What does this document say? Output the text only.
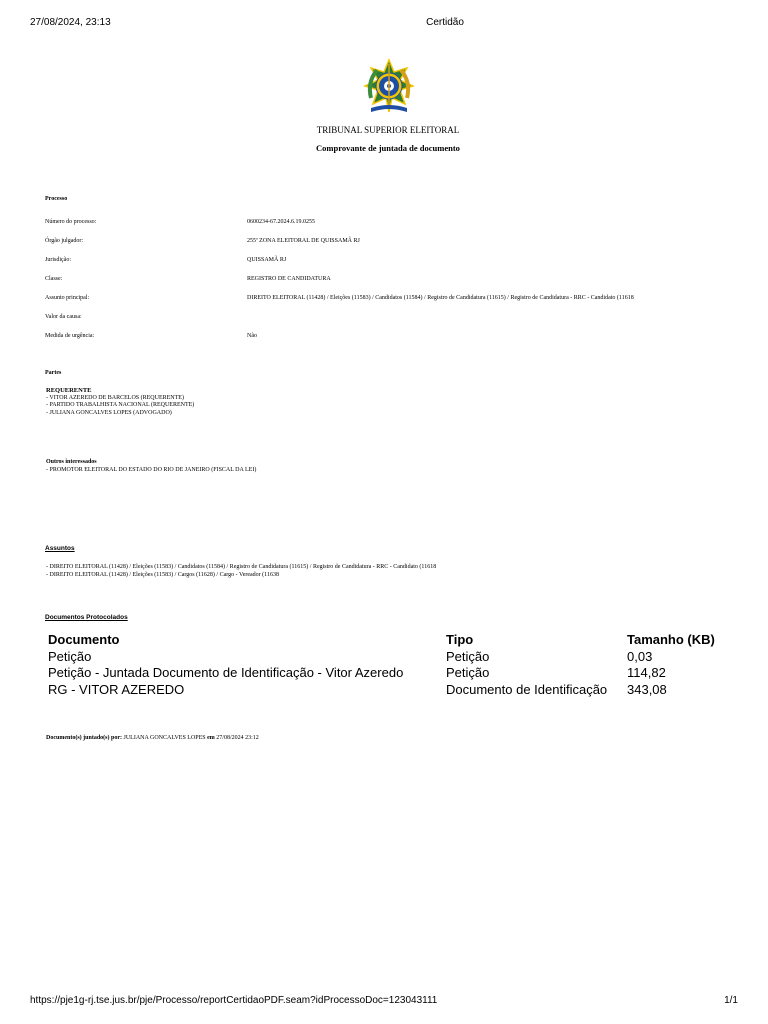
27/08/2024, 23:13	Certidão
TRIBUNAL SUPERIOR ELEITORAL
Comprovante de juntada de documento
Processo
Número do processo:	0600234-67.2024.6.19.0255
Órgão julgador:	255ª ZONA ELEITORAL DE QUISSAMÃ RJ
Jurisdição:	QUISSAMÃ RJ
Classe:	REGISTRO DE CANDIDATURA
Assunto principal:	DIREITO ELEITORAL (11428) / Eleições (11583) / Candidatos (11584) / Registro de Candidatura (11615) / Registro de Candidatura - RRC - Candidato (11618
Valor da causa:
Medida de urgência:	Não
Partes
REQUERENTE
- VITOR AZEREDO DE BARCELOS (REQUERENTE)
- PARTIDO TRABALHISTA NACIONAL (REQUERENTE)
- JULIANA GONCALVES LOPES (ADVOGADO)
Outros interessados
- PROMOTOR ELEITORAL DO ESTADO DO RIO DE JANEIRO (FISCAL DA LEI)
Assuntos
- DIREITO ELEITORAL (11428) / Eleições (11583) / Candidatos (11584) / Registro de Candidatura (11615) / Registro de Candidatura - RRC - Candidato (11618
- DIREITO ELEITORAL (11428) / Eleições (11583) / Cargos (11628) / Cargo - Vereador (11638
Documentos Protocolados
Documento	Tipo	Tamanho (KB)
Petição	Petição	0,03
Petição - Juntada Documento de Identificação - Vitor Azeredo	Petição	114,82
RG - VITOR AZEREDO	Documento de Identificação 343,08
Documento(s) juntado(s) por: JULIANA GONCALVES LOPES em 27/08/2024 23:12
https://pje1g-rj.tse.jus.br/pje/Processo/reportCertidaoPDF.seam?idProcessoDoc=123043111	1/1
